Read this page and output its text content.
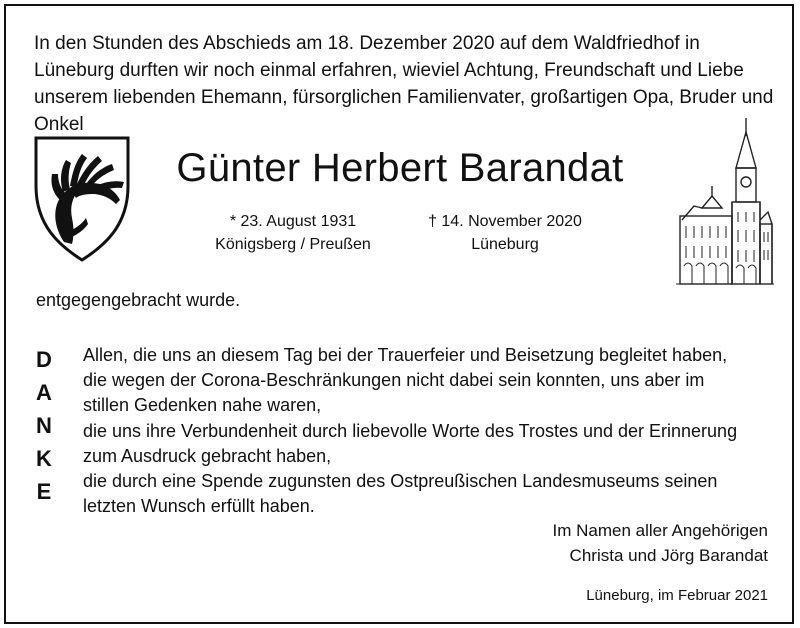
In den Stunden des Abschieds am 18. Dezember 2020 auf dem Waldfriedhof in Lüneburg durften wir noch einmal erfahren, wieviel Achtung, Freundschaft und Liebe unserem liebenden Ehemann, fürsorglichen Familienvater, großartigen Opa, Bruder und Onkel

Günter Herbert Barandat
* 23. August 1931
Königsberg / Preußen
† 14. November 2020
Lüneburg

entgegengebracht wurde.

D
A
N
K
E
Allen, die uns an diesem Tag bei der Trauerfeier und Beisetzung begleitet haben,
die wegen der Corona-Beschränkungen nicht dabei sein konnten, uns aber im
stillen Gedenken nahe waren,
die uns ihre Verbundenheit durch liebevolle Worte des Trostes und der Erinnerung
zum Ausdruck gebracht haben,
die durch eine Spende zugunsten des Ostpreußischen Landesmuseums seinen
letzten Wunsch erfüllt haben.
Im Namen aller Angehörigen
Christa und Jörg Barandat
Lüneburg, im Februar 2021
